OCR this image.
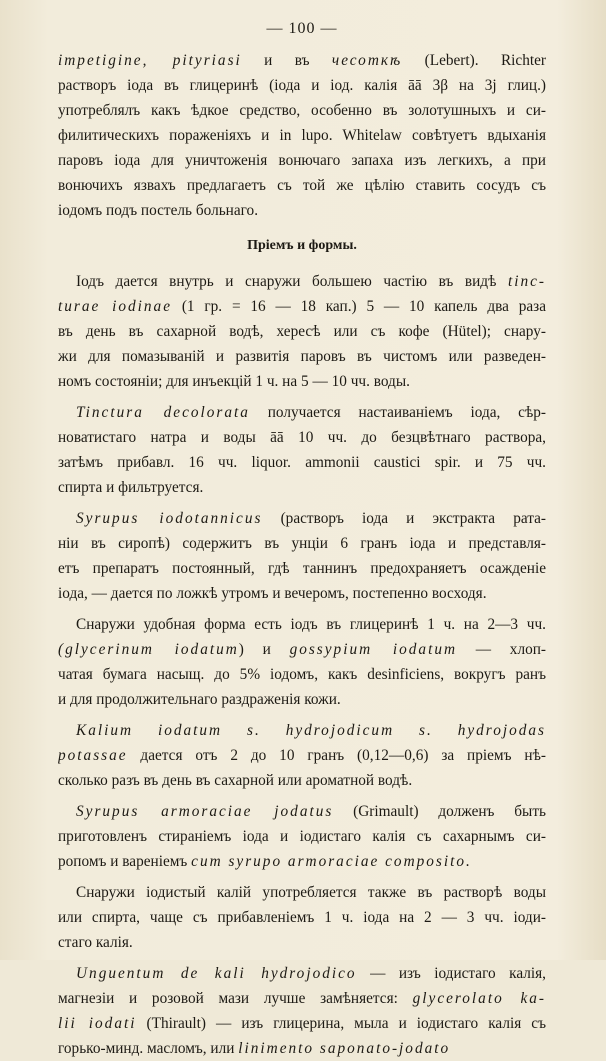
— 100 —
impetigine, pityriasi и въ чесоткѣ (Lebert). Richter
растворъ іода въ глицеринѣ (іода и іод. калія āā 3β на 3j глиц.)
употреблялъ какъ ѣдкое средство, особенно въ золотушныхъ и си-
филитическихъ пораженіяхъ и in lupo. Whitelaw совѣтуетъ вдыханія
паровъ іода для уничтоженія вонючаго запаха изъ легкихъ, а при
вонючихъ язвахъ предлагаетъ съ той же цѣлію ставить сосудъ съ
іодомъ подъ постель больнаго.
Пріемъ и формы.
Іодъ дается внутрь и снаружи большею частію въ видѣ tinc-
turae iodinae (1 гр. = 16 — 18 кап.) 5 — 10 капель два раза
въ день въ сахарной водѣ, хересѣ или съ кофе (Hütel); снару-
жи для помазываній и развитія паровъ въ чистомъ или разведен-
номъ состояніи; для инъекцій 1 ч. на 5 — 10 чч. воды.
Tinctura decolorata получается настаиваніемъ іода, сѣр-
новатистаго натра и воды āā 10 чч. до безцвѣтнаго раствора,
затѣмъ прибавл. 16 чч. liquor. ammonii caustici spir. и 75 чч.
спирта и фильтруется.
Syrupus iodotannicus (растворъ іода и экстракта рата-
ніи въ сиропѣ) содержитъ въ унціи 6 гранъ іода и представля-
етъ препаратъ постоянный, гдѣ таннинъ предохраняетъ осажденіе
іода, — дается по ложкѣ утромъ и вечеромъ, постепенно восходя.
Снаружи удобная форма есть іодъ въ глицеринѣ 1 ч. на 2—3 чч.
(glycerinum iodatum) и gossypium iodatum — хлоп-
чатая бумага насыщ. до 5% іодомъ, какъ desinficiens, вокругъ ранъ
и для продолжительнаго раздраженія кожи.
Kalium iodatum s. hydrojodicum s. hydrojodas
potassae дается отъ 2 до 10 гранъ (0,12—0,6) за пріемъ нѣ-
сколько разъ въ день въ сахарной или ароматной водѣ.
Syrupus armoraciae jodatus (Grimault) долженъ быть
приготовленъ стираніемъ іода и іодистаго калія съ сахарнымъ си-
ропомъ и вареніемъ cum syrupo armoraciae composito.
Снаружи іодистый калій употребляется также въ растворѣ воды
или спирта, чаще съ прибавленіемъ 1 ч. іода на 2 — 3 чч. іоди-
стаго калія.
Unguentum de kali hydrojodico — изъ іодистаго калія,
магнезіи и розовой мази лучше замѣняется: glycerolato ka-
lii iodati (Thirault) — изъ глицерина, мыла и іодистаго калія съ
горько-минд. масломъ, или linimento saponato-jodato
